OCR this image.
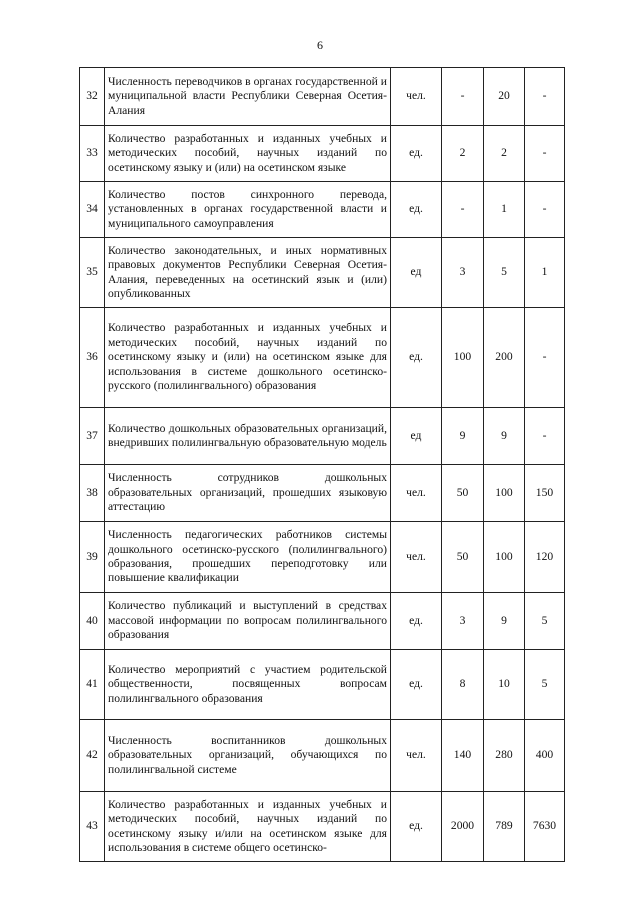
6
32	Численность переводчиков в органах государственной и муниципальной власти Республики Северная Осетия-Алания	чел.	-	20	-
33	Количество разработанных и изданных учебных и методических пособий, научных изданий по осетинскому языку и (или) на осетинском языке	ед.	2	2	-
34	Количество постов синхронного перевода, установленных в органах государственной власти и муниципального самоуправления	ед.	-	1	-
35	Количество законодательных, и иных нормативных правовых документов Республики Северная Осетия-Алания, переведенных на осетинский язык и (или) опубликованных	ед	3	5	1
36	Количество разработанных и изданных учебных и методических пособий, научных изданий по осетинскому языку и (или) на осетинском языке для использования в системе дошкольного осетинско-русского (полилингвального) образования	ед.	100	200	-
37	Количество дошкольных образовательных организаций, внедривших полилингвальную образовательную модель	ед	9	9	-
38	Численность сотрудников дошкольных образовательных организаций, прошедших языковую аттестацию	чел.	50	100	150
39	Численность педагогических работников системы дошкольного осетинско-русского (полилингвального) образования, прошедших переподготовку или повышение квалификации	чел.	50	100	120
40	Количество публикаций и выступлений в средствах массовой информации по вопросам полилингвального образования	ед.	3	9	5
41	Количество мероприятий с участием родительской общественности, посвященных вопросам полилингвального образования	ед.	8	10	5
42	Численность воспитанников дошкольных образовательных организаций, обучающихся по полилингвальной системе	чел.	140	280	400
43	Количество разработанных и изданных учебных и методических пособий, научных изданий по осетинскому языку и/или на осетинском языке для использования в системе общего осетинско-	ед.	2000	789	7630
